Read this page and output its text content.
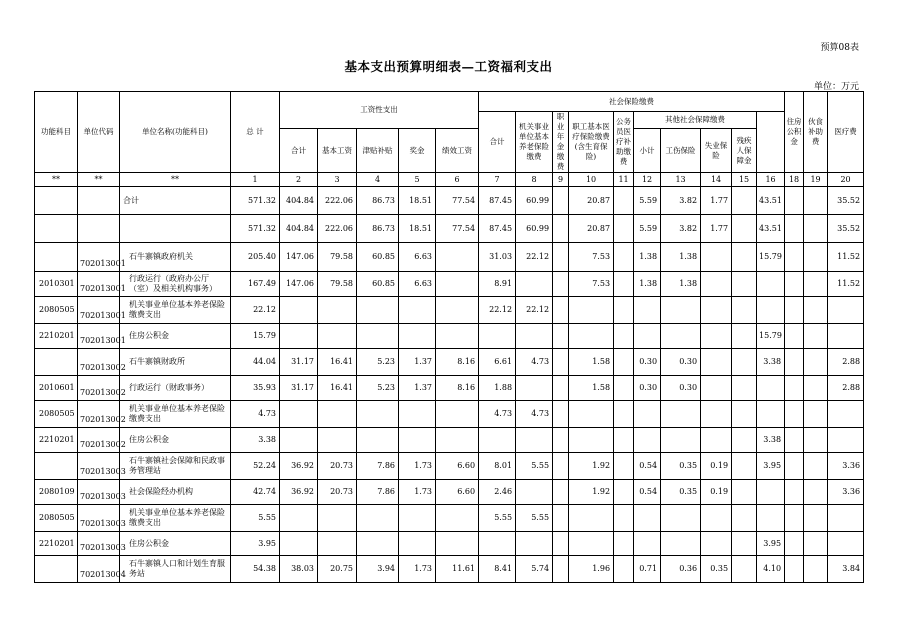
预算08表
基本支出预算明细表—工资福利支出
单位：万元
功能科目	单位代码	单位名称(功能科目)	总 计	工资性支出					社会保险缴费										住房公积金	伙食补助费	医疗费	
									合计	机关事业单位基本养老保险缴费	职业年金缴费	职工基本医疗保险缴费(含生育保险)	公务员医疗补助缴费	其他社会保障缴费								
				合计	基本工资	津贴补贴	奖金	绩效工资						小计	工伤保险	失业保险	残疾人保障金					
**	**	**	1	2	3	4	5	6	7	8	9	10	11	12	13	14	15	16	18	19	20	
		合计	571.32	404.84	222.06	86.73	18.51	77.54	87.45	60.99		20.87		5.59	3.82	1.77		43.51			35.52	
			571.32	404.84	222.06	86.73	18.51	77.54	87.45	60.99		20.87		5.59	3.82	1.77		43.51			35.52	
	702013001	石牛寨镇政府机关	205.40	147.06	79.58	60.85	6.63		31.03	22.12		7.53		1.38	1.38			15.79			11.52	
2010301	702013001	行政运行（政府办公厅（室）及相关机构事务）	167.49	147.06	79.58	60.85	6.63		8.91			7.53		1.38	1.38						11.52	
2080505	702013001	机关事业单位基本养老保险缴费支出	22.12						22.12	22.12												
2210201	702013001	住房公积金	15.79															15.79				
	702013002	石牛寨镇财政所	44.04	31.17	16.41	5.23	1.37	8.16	6.61	4.73		1.58		0.30	0.30			3.38			2.88	
2010601	702013002	行政运行（财政事务）	35.93	31.17	16.41	5.23	1.37	8.16	1.88			1.58		0.30	0.30						2.88	
2080505	702013002	机关事业单位基本养老保险缴费支出	4.73						4.73	4.73												
2210201	702013002	住房公积金	3.38															3.38				
	702013003	石牛寨镇社会保障和民政事务管理站	52.24	36.92	20.73	7.86	1.73	6.60	8.01	5.55		1.92		0.54	0.35	0.19		3.95			3.36	
2080109	702013003	社会保险经办机构	42.74	36.92	20.73	7.86	1.73	6.60	2.46			1.92		0.54	0.35	0.19					3.36	
2080505	702013003	机关事业单位基本养老保险缴费支出	5.55						5.55	5.55												
2210201	702013003	住房公积金	3.95															3.95				
	702013004	石牛寨镇人口和计划生育服务站	54.38	38.03	20.75	3.94	1.73	11.61	8.41	5.74		1.96		0.71	0.36	0.35		4.10			3.84	
